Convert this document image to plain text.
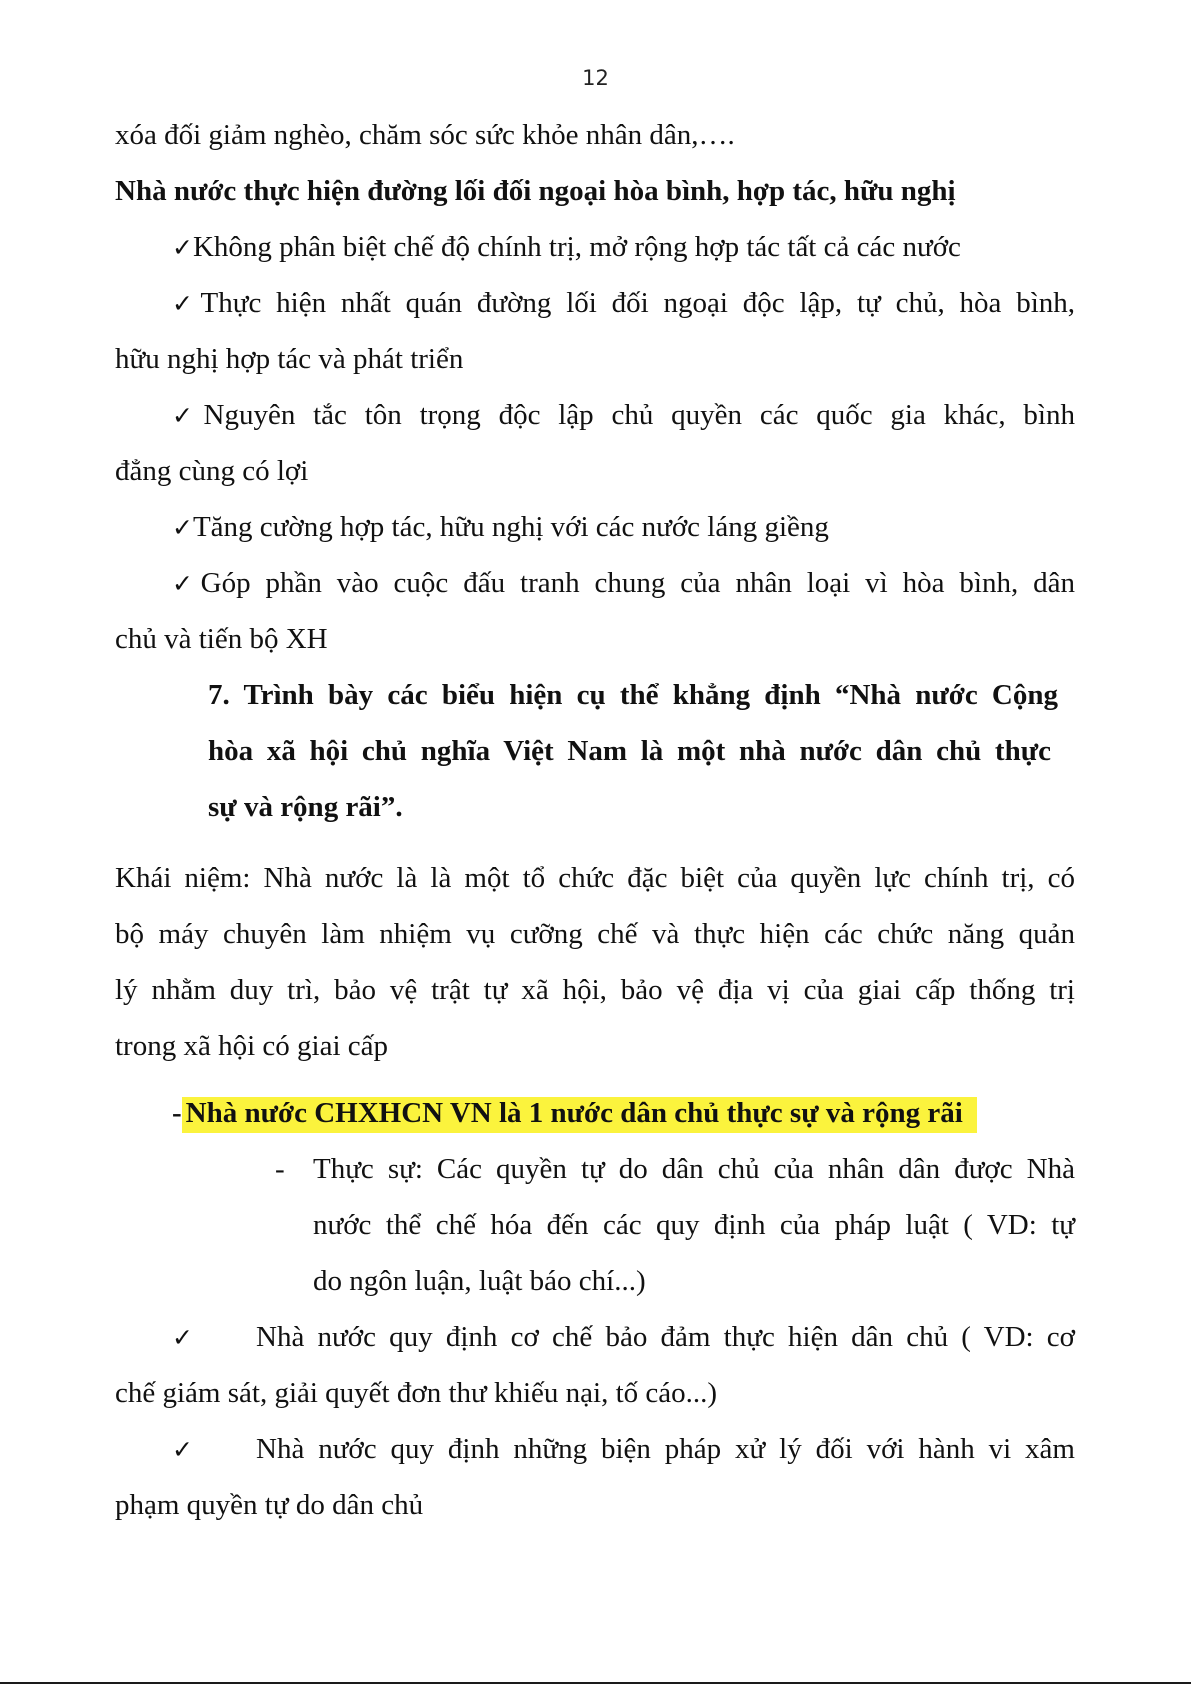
12
xóa đối giảm nghèo, chăm sóc sức khỏe nhân dân,….
Nhà nước thực hiện đường lối đối ngoại hòa bình, hợp tác, hữu nghị
✓Không phân biệt chế độ chính trị, mở rộng hợp tác tất cả các nước
✓Thực hiện nhất quán đường lối đối ngoại độc lập, tự chủ, hòa bình,
hữu nghị hợp tác và phát triển
✓Nguyên tắc tôn trọng độc lập chủ quyền các quốc gia khác, bình
đẳng cùng có lợi
✓Tăng cường hợp tác, hữu nghị với các nước láng giềng
✓Góp phần vào cuộc đấu tranh chung của nhân loại vì hòa bình, dân
chủ và tiến bộ XH
7. Trình bày các biểu hiện cụ thể khẳng định “Nhà nước Cộng
hòa xã hội chủ nghĩa Việt Nam là một nhà nước dân chủ thực
sự và rộng rãi”.
Khái niệm: Nhà nước là là một tổ chức đặc biệt của quyền lực chính trị, có
bộ máy chuyên làm nhiệm vụ cưỡng chế và thực hiện các chức năng quản
lý nhằm duy trì, bảo vệ trật tự xã hội, bảo vệ địa vị của giai cấp thống trị
trong xã hội có giai cấp
- Nhà nước CHXHCN VN là 1 nước dân chủ thực sự và rộng rãi
- Thực sự: Các quyền tự do dân chủ của nhân dân được Nhà
nước thể chế hóa đến các quy định của pháp luật ( VD: tự
do ngôn luận, luật báo chí...)
✓ Nhà nước quy định cơ chế bảo đảm thực hiện dân chủ ( VD: cơ
chế giám sát, giải quyết đơn thư khiếu nại, tố cáo...)
✓ Nhà nước quy định những biện pháp xử lý đối với hành vi xâm
phạm quyền tự do dân chủ
